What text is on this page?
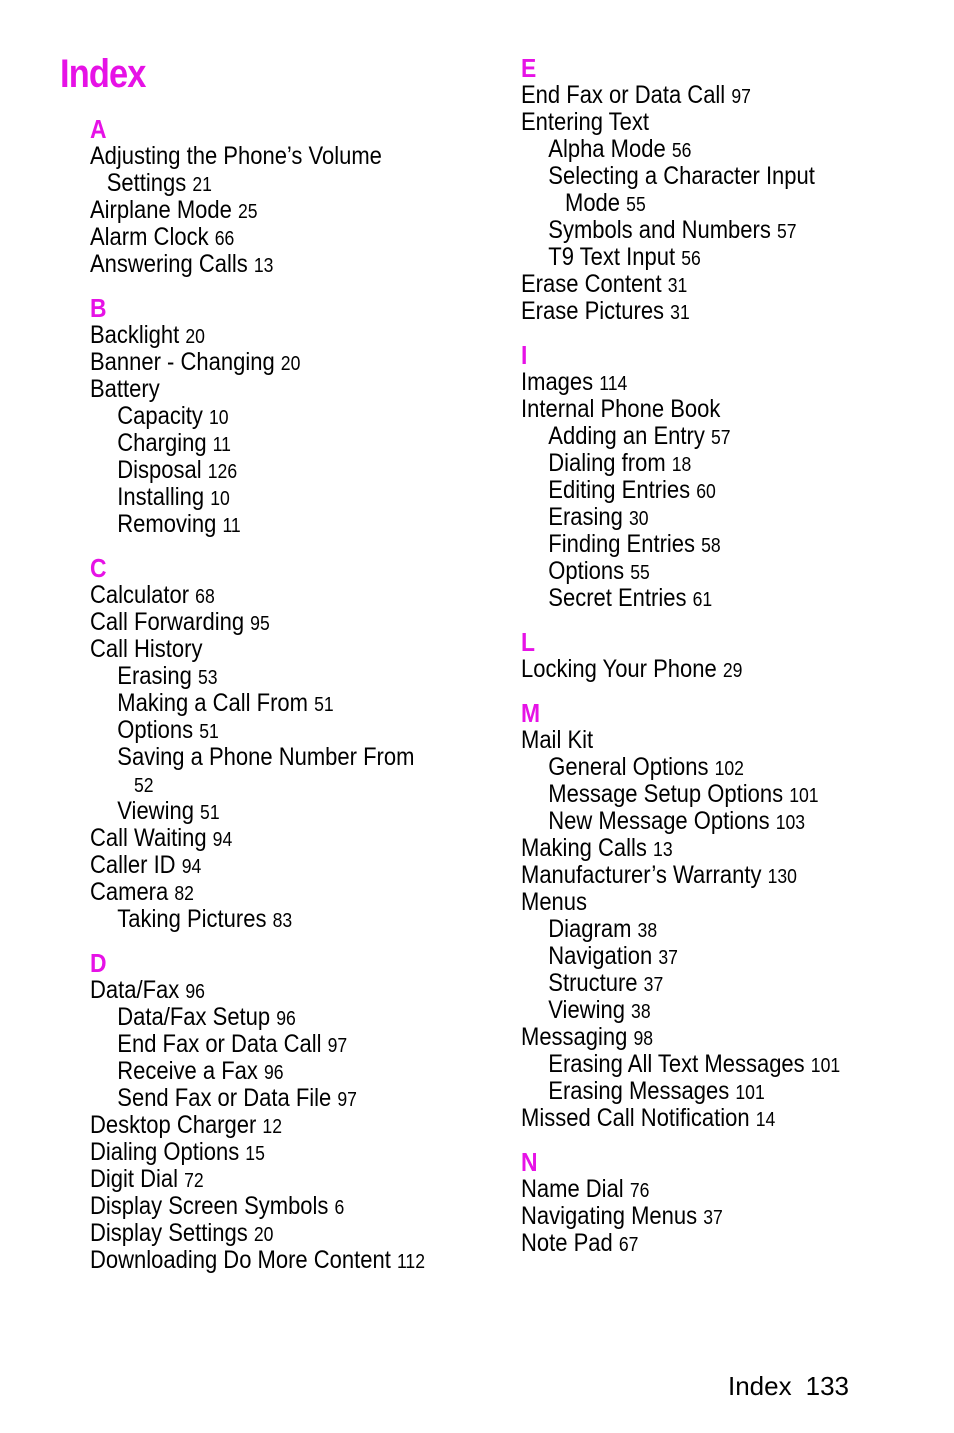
Index
A
Adjusting the Phone’s Volume
Settings 21
Airplane Mode 25
Alarm Clock 66
Answering Calls 13
B
Backlight 20
Banner - Changing 20
Battery
Capacity 10
Charging 11
Disposal 126
Installing 10
Removing 11
C
Calculator 68
Call Forwarding 95
Call History
Erasing 53
Making a Call From 51
Options 51
Saving a Phone Number From
52
Viewing 51
Call Waiting 94
Caller ID 94
Camera 82
Taking Pictures 83
D
Data/Fax 96
Data/Fax Setup 96
End Fax or Data Call 97
Receive a Fax 96
Send Fax or Data File 97
Desktop Charger 12
Dialing Options 15
Digit Dial 72
Display Screen Symbols 6
Display Settings 20
Downloading Do More Content 112
E
End Fax or Data Call 97
Entering Text
Alpha Mode 56
Selecting a Character Input
Mode 55
Symbols and Numbers 57
T9 Text Input 56
Erase Content 31
Erase Pictures 31
I
Images 114
Internal Phone Book
Adding an Entry 57
Dialing from 18
Editing Entries 60
Erasing 30
Finding Entries 58
Options 55
Secret Entries 61
L
Locking Your Phone 29
M
Mail Kit
General Options 102
Message Setup Options 101
New Message Options 103
Making Calls 13
Manufacturer’s Warranty 130
Menus
Diagram 38
Navigation 37
Structure 37
Viewing 38
Messaging 98
Erasing All Text Messages 101
Erasing Messages 101
Missed Call Notification 14
N
Name Dial 76
Navigating Menus 37
Note Pad 67
Index 133
